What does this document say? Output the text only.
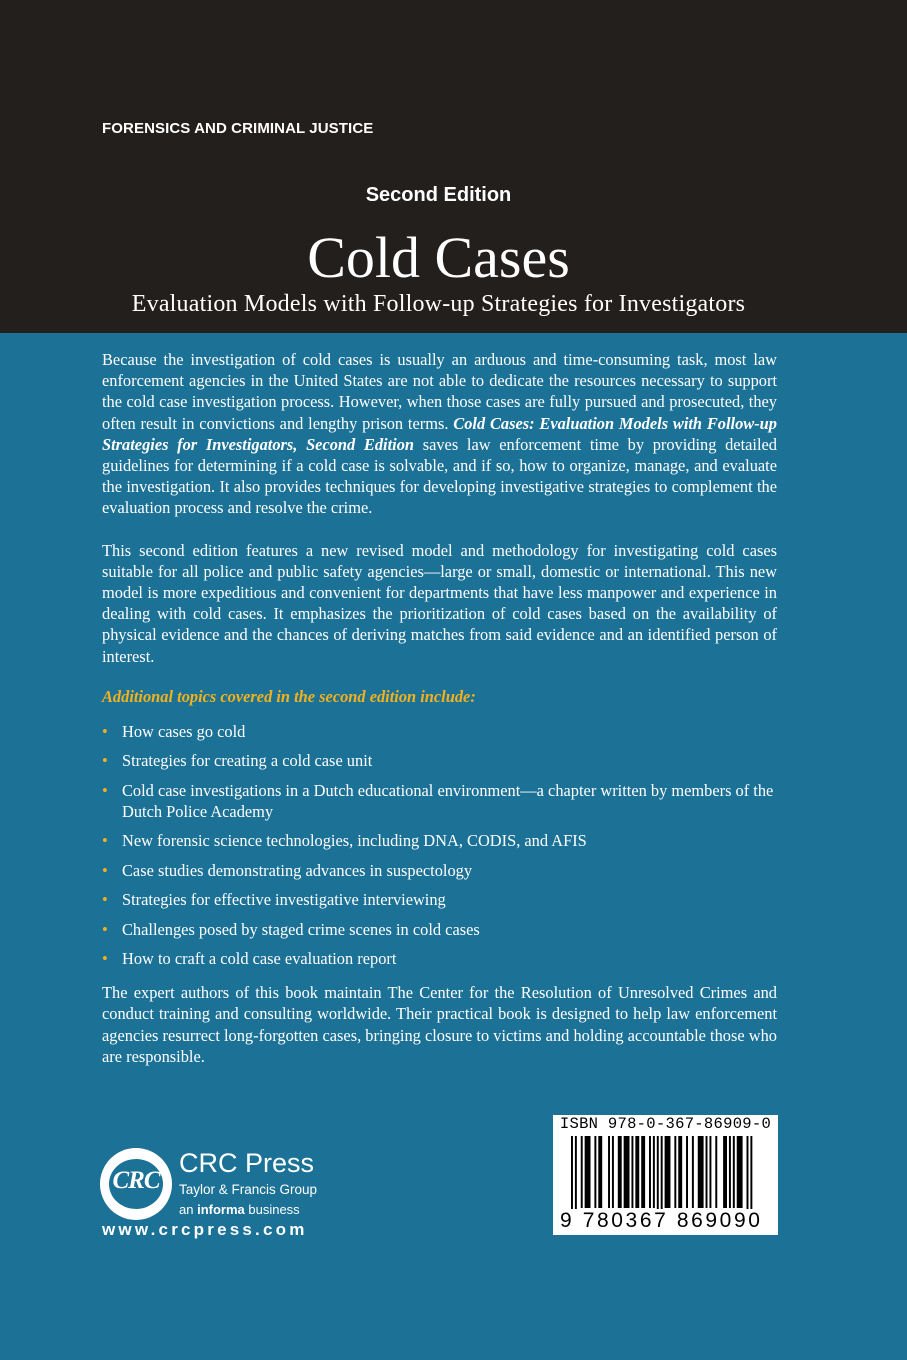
FORENSICS AND CRIMINAL JUSTICE
Second Edition
Cold Cases
Evaluation Models with Follow-up Strategies for Investigators

Because the investigation of cold cases is usually an arduous and time-consuming task, most law enforcement agencies in the United States are not able to dedicate the resources necessary to support the cold case investigation process. However, when those cases are fully pursued and prosecuted, they often result in convictions and lengthy prison terms. Cold Cases: Evaluation Models with Follow-up Strategies for Investigators, Second Edition saves law enforcement time by providing detailed guidelines for determining if a cold case is solvable, and if so, how to organize, manage, and evaluate the investigation. It also provides techniques for developing investigative strategies to complement the evaluation process and resolve the crime.

This second edition features a new revised model and methodology for investigating cold cases suitable for all police and public safety agencies—large or small, domestic or international. This new model is more expeditious and convenient for departments that have less manpower and experience in dealing with cold cases. It emphasizes the prioritization of cold cases based on the availability of physical evidence and the chances of deriving matches from said evidence and an identified person of interest.

Additional topics covered in the second edition include:

• How cases go cold
• Strategies for creating a cold case unit
• Cold case investigations in a Dutch educational environment—a chapter written by members of the Dutch Police Academy
• New forensic science technologies, including DNA, CODIS, and AFIS
• Case studies demonstrating advances in suspectology
• Strategies for effective investigative interviewing
• Challenges posed by staged crime scenes in cold cases
• How to craft a cold case evaluation report

The expert authors of this book maintain The Center for the Resolution of Unresolved Crimes and conduct training and consulting worldwide. Their practical book is designed to help law enforcement agencies resurrect long-forgotten cases, bringing closure to victims and holding accountable those who are responsible.

CRC
CRC Press
Taylor & Francis Group
an informa business
www.crcpress.com
ISBN 978-0-367-86909-0
9 780367 869090
